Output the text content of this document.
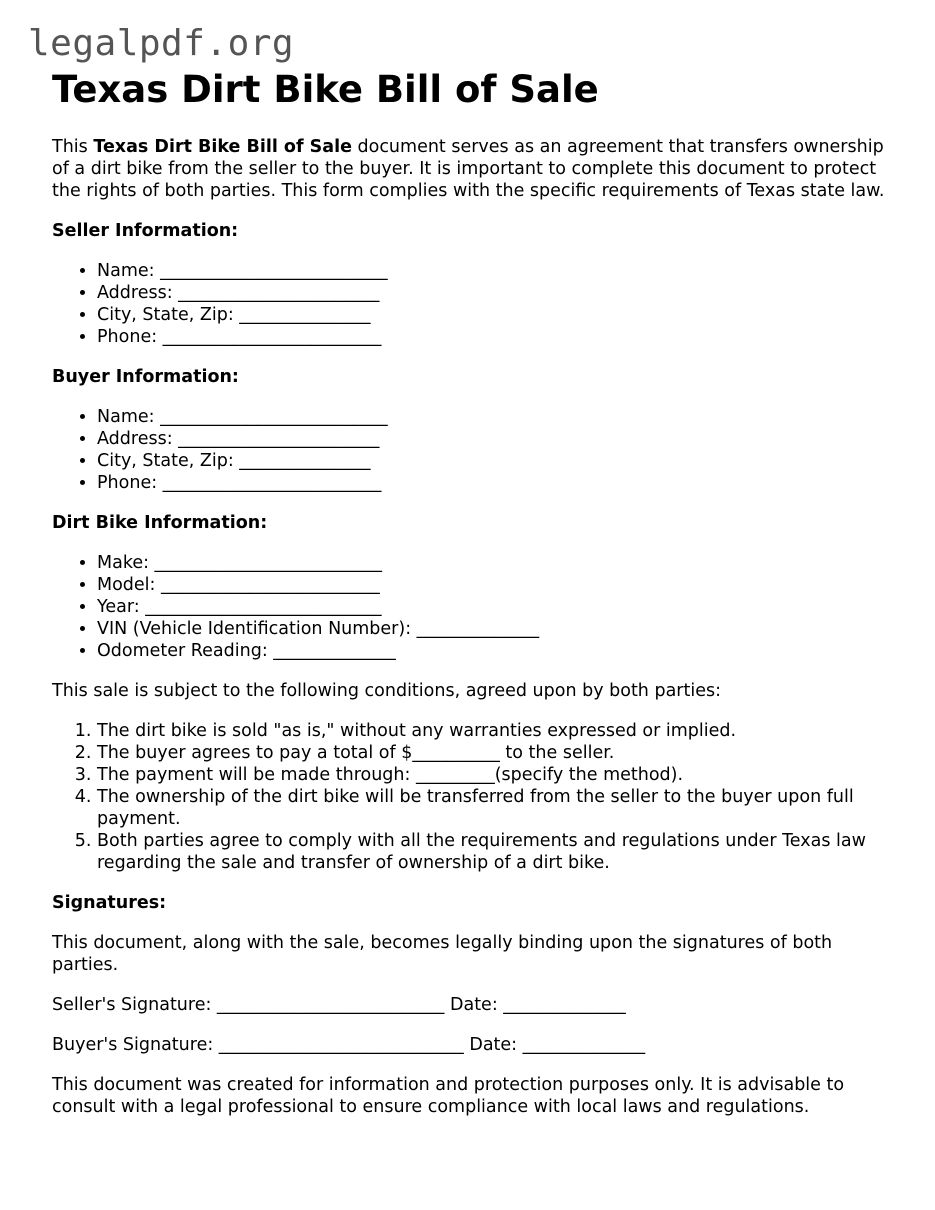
legalpdf.org
Texas Dirt Bike Bill of Sale

This Texas Dirt Bike Bill of Sale document serves as an agreement that transfers ownership of a dirt bike from the seller to the buyer. It is important to complete this document to protect the rights of both parties. This form complies with the specific requirements of Texas state law.

Seller Information:

• Name: __________________________
• Address: _______________________
• City, State, Zip: _______________
• Phone: _________________________

Buyer Information:

• Name: __________________________
• Address: _______________________
• City, State, Zip: _______________
• Phone: _________________________

Dirt Bike Information:

• Make: __________________________
• Model: _________________________
• Year: ___________________________
• VIN (Vehicle Identification Number): ______________
• Odometer Reading: ______________

This sale is subject to the following conditions, agreed upon by both parties:

1. The dirt bike is sold "as is," without any warranties expressed or implied.
2. The buyer agrees to pay a total of $__________ to the seller.
3. The payment will be made through: _________(specify the method).
4. The ownership of the dirt bike will be transferred from the seller to the buyer upon full payment.
5. Both parties agree to comply with all the requirements and regulations under Texas law regarding the sale and transfer of ownership of a dirt bike.

Signatures:

This document, along with the sale, becomes legally binding upon the signatures of both parties.

Seller's Signature: __________________________ Date: ______________

Buyer's Signature: ____________________________ Date: ______________

This document was created for information and protection purposes only. It is advisable to consult with a legal professional to ensure compliance with local laws and regulations.
